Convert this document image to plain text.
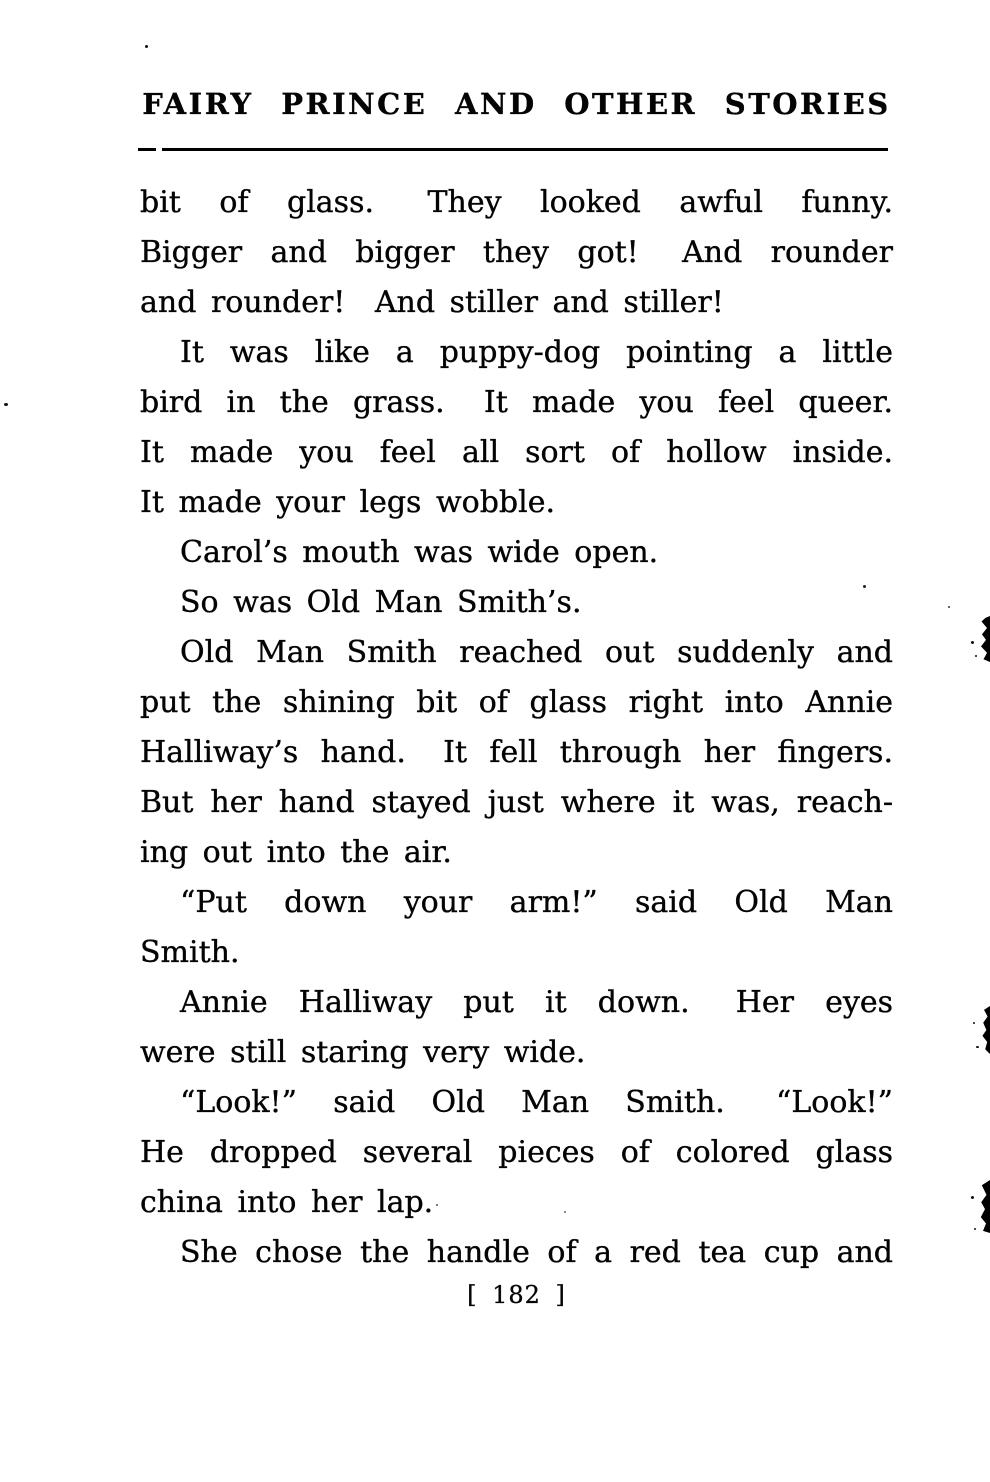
FAIRY PRINCE AND OTHER STORIES
bit of glass.  They looked awful funny.
Bigger and bigger they got!  And rounder
and rounder!  And stiller and stiller!
It was like a puppy-dog pointing a little
bird in the grass.  It made you feel queer.
It made you feel all sort of hollow inside.
It made your legs wobble.
Carol’s mouth was wide open.
So was Old Man Smith’s.
Old Man Smith reached out suddenly and
put the shining bit of glass right into Annie
Halliway’s hand.  It fell through her fingers.
But her hand stayed just where it was, reach-
ing out into the air.
“Put down your arm!” said Old Man
Smith.
Annie Halliway put it down.  Her eyes
were still staring very wide.
“Look!” said Old Man Smith.  “Look!”
He dropped several pieces of colored glass
china into her lap.
She chose the handle of a red tea cup and
[ 182 ]
